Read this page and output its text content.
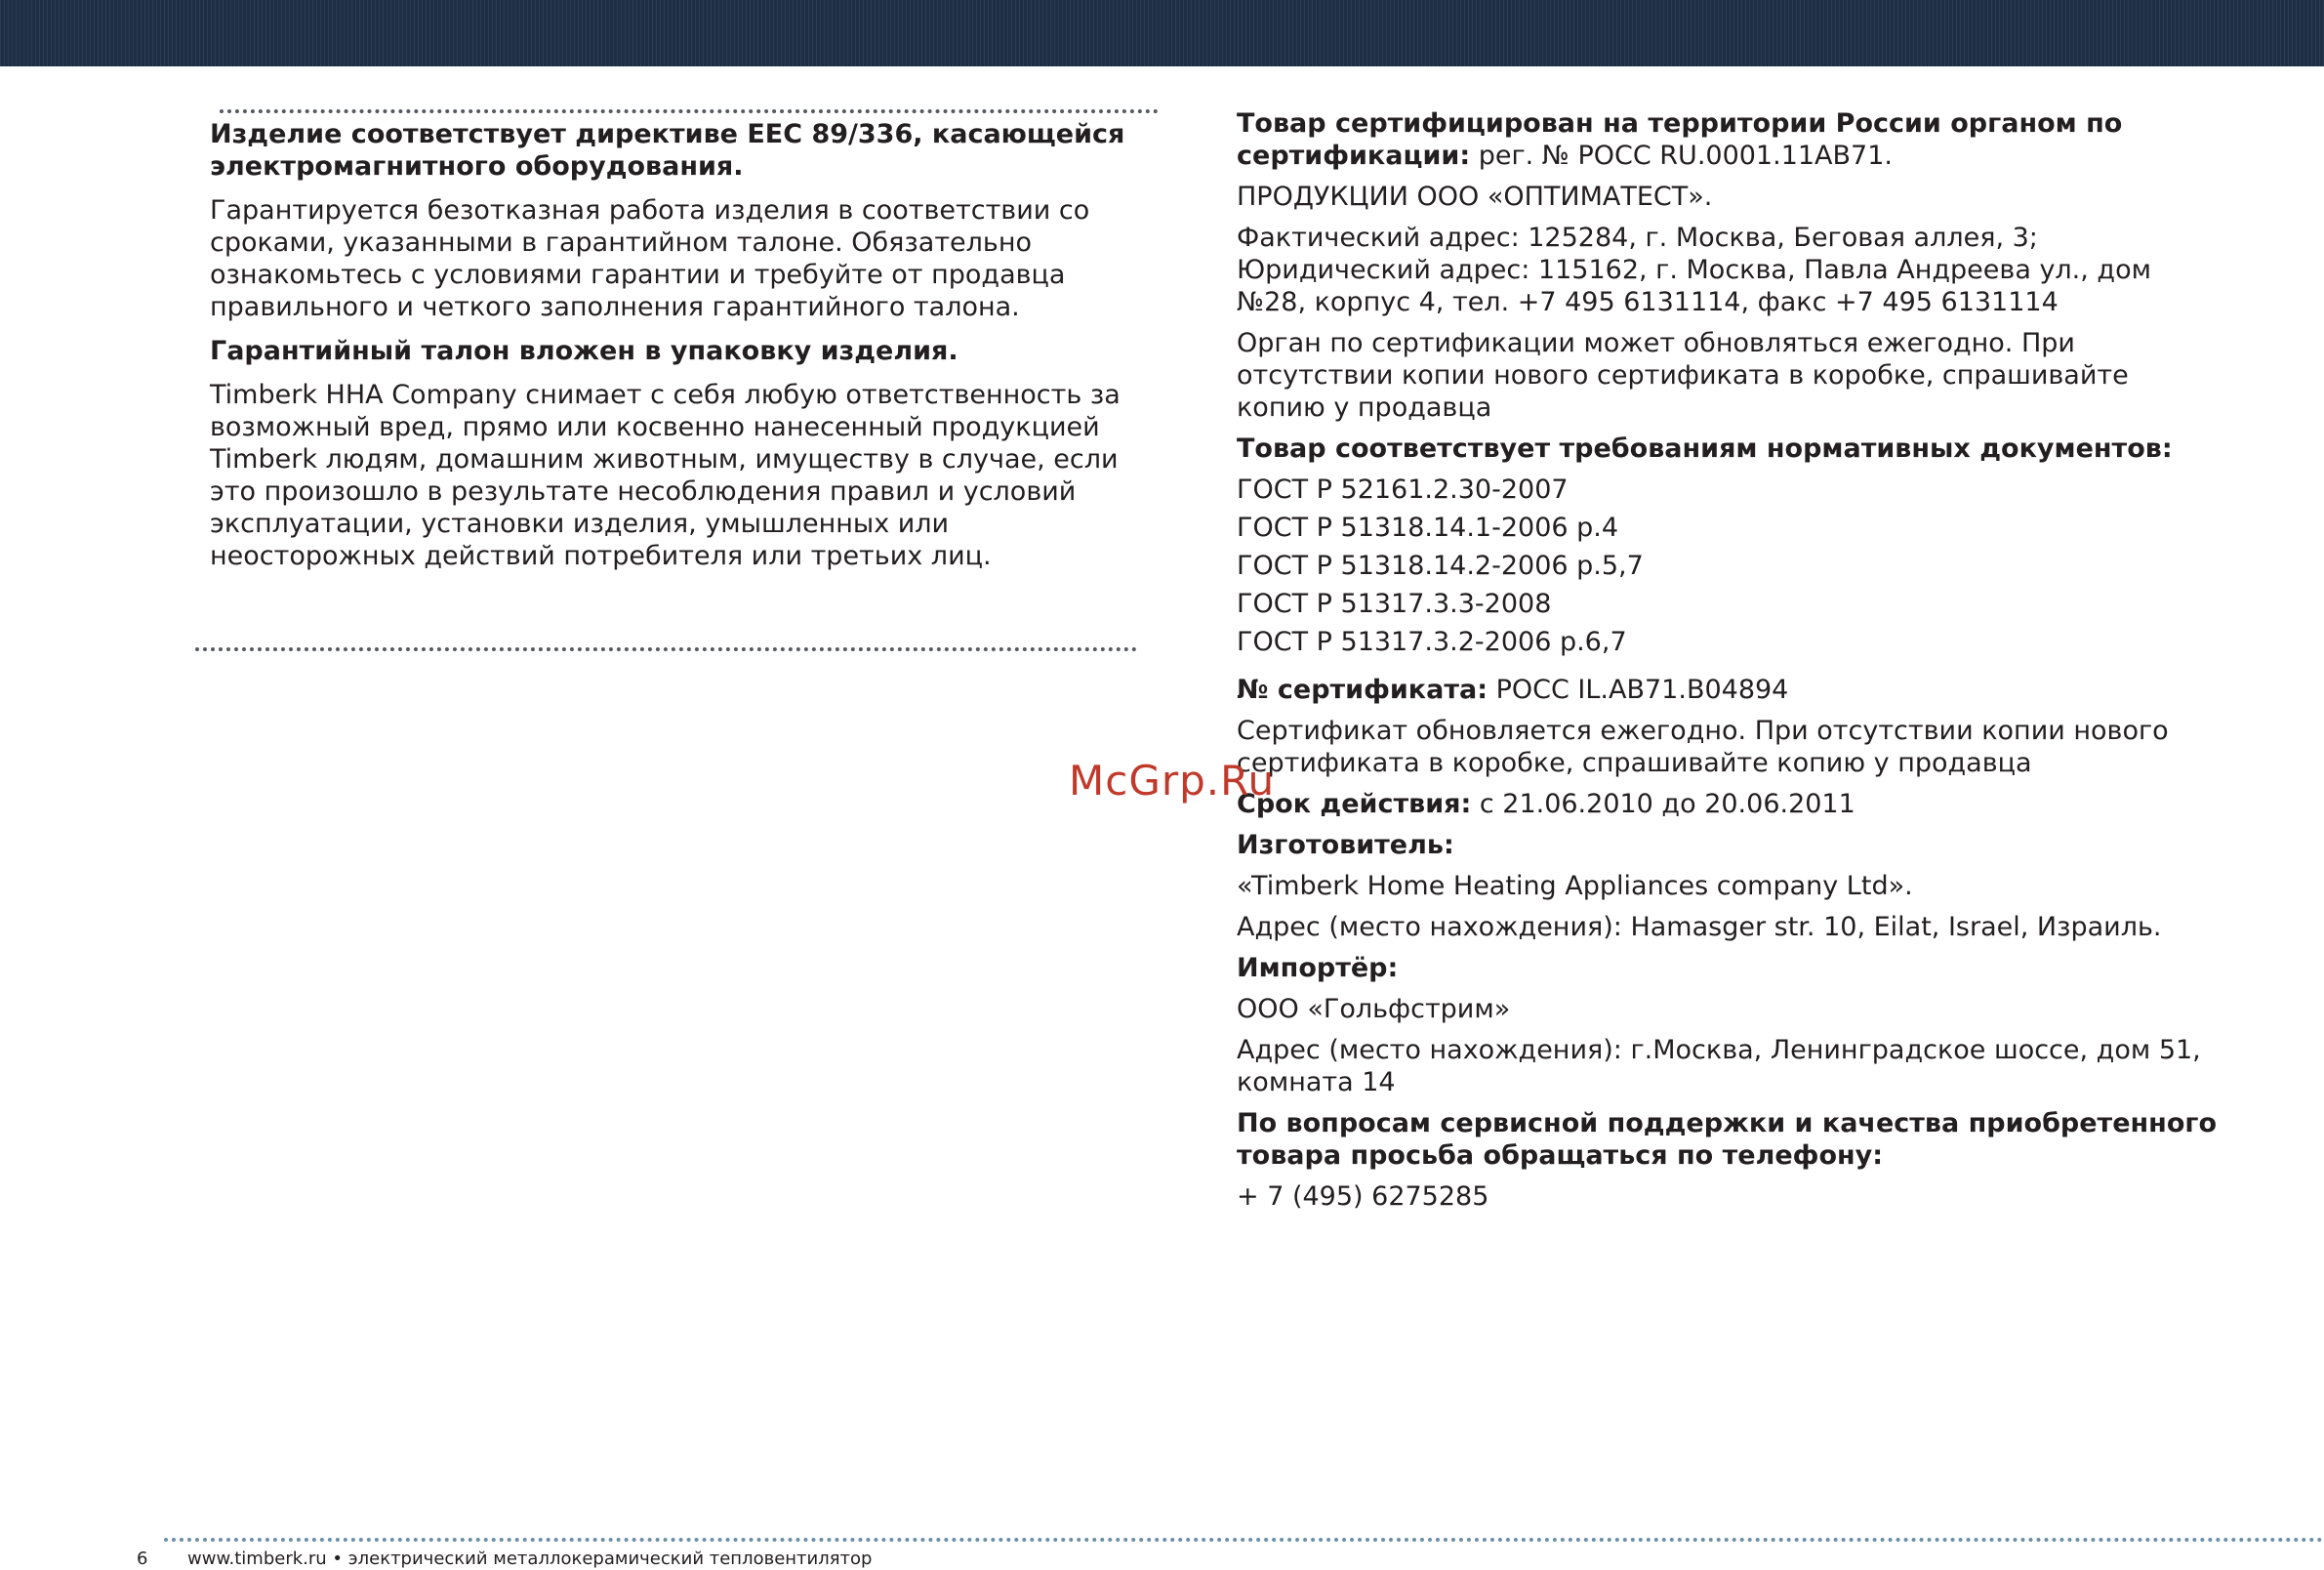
Изделие соответствует директиве EEC 89/336, касающейся электромагнитного оборудования.

Гарантируется безотказная работа изделия в соответствии со сроками, указанными в гарантийном талоне. Обязательно ознакомьтесь с условиями гарантии и требуйте от продавца правильного и четкого заполнения гарантийного талона.

Гарантийный талон вложен в упаковку изделия.

Timberk HHA Company снимает с себя любую ответственность за возможный вред, прямо или косвенно нанесенный продукцией Timberk людям, домашним животным, имуществу в случае, если это произошло в результате несоблюдения правил и условий эксплуатации, установки изделия, умышленных или неосторожных действий потребителя или третьих лиц.

Товар сертифицирован на территории России органом по сертификации: рег. № РОСС RU.0001.11АВ71.

ПРОДУКЦИИ ООО «ОПТИМАТЕСТ».

Фактический адрес: 125284, г. Москва, Беговая аллея, 3; Юридический адрес: 115162, г. Москва, Павла Андреева ул., дом №28, корпус 4, тел. +7 495 6131114, факс +7 495 6131114

Орган по сертификации может обновляться ежегодно. При отсутствии копии нового сертификата в коробке, спрашивайте копию у продавца

Товар соответствует требованиям нормативных документов:

ГОСТ Р 52161.2.30-2007

ГОСТ Р 51318.14.1-2006 р.4

ГОСТ Р 51318.14.2-2006 р.5,7

ГОСТ Р 51317.3.3-2008

ГОСТ Р 51317.3.2-2006 р.6,7

№ сертификата: РОСС IL.АВ71.В04894

Сертификат обновляется ежегодно. При отсутствии копии нового сертификата в коробке, спрашивайте копию у продавца

Срок действия: с 21.06.2010 до 20.06.2011

Изготовитель:

«Timberk Home Heating Appliances company Ltd».

Адрес (место нахождения): Hamasger str. 10, Eilat, Israel, Израиль.

Импортёр:

ООО «Гольфстрим»

Адрес (место нахождения): г.Москва, Ленинградское шоссе, дом 51, комната 14

По вопросам сервисной поддержки и качества приобретенного товара просьба обращаться по телефону:

+ 7 (495) 6275285

McGrp.Ru
6 www.timberk.ru • электрический металлокерамический тепловентилятор
